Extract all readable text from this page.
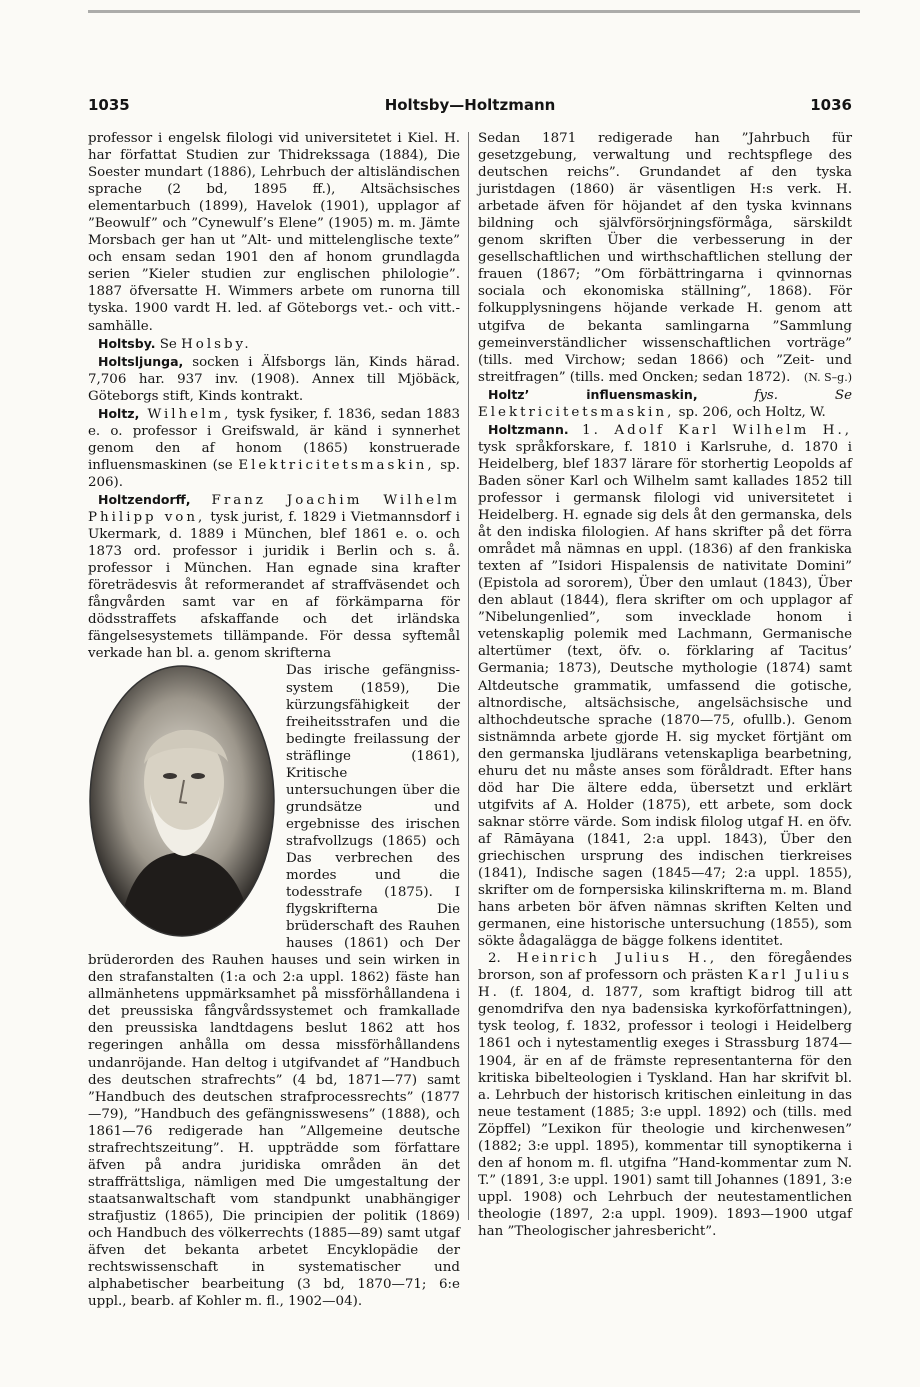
1035	Holtsby—Holtzmann	1036

professor i engelsk filologi vid universitetet i Kiel. H. har författat Studien zur Thidrekssaga (1884), Die Soester mundart (1886), Lehrbuch der altisländischen sprache (2 bd, 1895 ff.), Altsächsisches elementarbuch (1899), Havelok (1901), upplagor af ”Beowulf” och ”Cynewulf’s Elene” (1905) m. m. Jämte Morsbach ger han ut ”Alt- und mittelenglische texte” och ensam sedan 1901 den af honom grundlagda serien ”Kieler studien zur englischen philologie”. 1887 öfversatte H. Wimmers arbete om runorna till tyska. 1900 vardt H. led. af Göteborgs vet.- och vitt.-samhälle.

Holtsby. Se Holsby.

Holtsljunga, socken i Älfsborgs län, Kinds härad. 7,706 har. 937 inv. (1908). Annex till Mjöbäck, Göteborgs stift, Kinds kontrakt.

Holtz, Wilhelm, tysk fysiker, f. 1836, sedan 1883 e. o. professor i Greifswald, är känd i synnerhet genom den af honom (1865) konstruerade influensmaskinen (se Elektricitetsmaskin, sp. 206).

Holtzendorff, Franz Joachim Wilhelm Philipp von, tysk jurist, f. 1829 i Vietmannsdorf i Ukermark, d. 1889 i München, blef 1861 e. o. och 1873 ord. professor i juridik i Berlin och s. å. professor i München. Han egnade sina krafter företrädesvis åt reformerandet af straffväsendet och fångvården samt var en af förkämparna för dödsstraffets afskaffande och det irländska fängelsesystemets tillämpande. För dessa syftemål verkade han bl. a. genom skrifterna

Das irische gefängniss-system (1859), Die kürzungsfähigkeit der freiheitsstrafen und die bedingte freilassung der sträflinge (1861), Kritische untersuchungen über die grundsätze und ergebnisse des irischen strafvollzugs (1865) och Das verbrechen des mordes und die todesstrafe (1875). I flygskrifterna Die brüderschaft des Rauhen hauses (1861) och Der brüderorden des Rauhen hauses und sein wirken in den strafanstalten (1:a och 2:a uppl. 1862) fäste han allmänhetens uppmärksamhet på missförhållandena i det preussiska fångvårdssystemet och framkallade den preussiska landtdagens beslut 1862 att hos regeringen anhålla om dessa missförhållandens undanröjande. Han deltog i utgifvandet af ”Handbuch des deutschen strafrechts” (4 bd, 1871—77) samt ”Handbuch des deutschen strafprocessrechts” (1877—79), ”Handbuch des gefängnisswesens” (1888), och 1861—76 redigerade han ”Allgemeine deutsche strafrechtszeitung”. H. uppträdde som författare äfven på andra juridiska områden än det straffrättsliga, nämligen med Die umgestaltung der staatsanwaltschaft vom standpunkt unabhängiger strafjustiz (1865), Die principien der politik (1869) och Handbuch des völkerrechts (1885—89) samt utgaf äfven det bekanta arbetet Encyklopädie der rechtswissenschaft in systematischer und alphabetischer bearbeitung (3 bd, 1870—71; 6:e uppl., bearb. af Kohler m. fl., 1902—04).

Sedan 1871 redigerade han ”Jahrbuch für gesetzgebung, verwaltung und rechtspflege des deutschen reichs”. Grundandet af den tyska juristdagen (1860) är väsentligen H:s verk. H. arbetade äfven för höjandet af den tyska kvinnans bildning och självförsörjningsförmåga, särskildt genom skriften Über die verbesserung in der gesellschaftlichen und wirthschaftlichen stellung der frauen (1867; ”Om förbättringarna i qvinnornas sociala och ekonomiska ställning”, 1868). För folkupplysningens höjande verkade H. genom att utgifva de bekanta samlingarna ”Sammlung gemeinverständlicher wissenschaftlichen vorträge” (tills. med Virchow; sedan 1866) och ”Zeit- und streitfragen” (tills. med Oncken; sedan 1872). (N. S–g.)

Holtz’ influensmaskin, fys. Se Elektricitetsmaskin, sp. 206, och Holtz, W.

Holtzmann. 1. Adolf Karl Wilhelm H., tysk språkforskare, f. 1810 i Karlsruhe, d. 1870 i Heidelberg, blef 1837 lärare för storhertig Leopolds af Baden söner Karl och Wilhelm samt kallades 1852 till professor i germansk filologi vid universitetet i Heidelberg. H. egnade sig dels åt den germanska, dels åt den indiska filologien. Af hans skrifter på det förra området må nämnas en uppl. (1836) af den frankiska texten af ”Isidori Hispalensis de nativitate Domini” (Epistola ad sororem), Über den umlaut (1843), Über den ablaut (1844), flera skrifter om och upplagor af ”Nibelungenlied”, som invecklade honom i vetenskaplig polemik med Lachmann, Germanische altertümer (text, öfv. o. förklaring af Tacitus’ Germania; 1873), Deutsche mythologie (1874) samt Altdeutsche grammatik, umfassend die gotische, altnordische, altsächsische, angelsächsische und althochdeutsche sprache (1870—75, ofullb.). Genom sistnämnda arbete gjorde H. sig mycket förtjänt om den germanska ljudlärans vetenskapliga bearbetning, ehuru det nu måste anses som föråldradt. Efter hans död har Die ältere edda, übersetzt und erklärt utgifvits af A. Holder (1875), ett arbete, som dock saknar större värde. Som indisk filolog utgaf H. en öfv. af Rāmāyana (1841, 2:a uppl. 1843), Über den griechischen ursprung des indischen tierkreises (1841), Indische sagen (1845—47; 2:a uppl. 1855), skrifter om de fornpersiska kilinskrifterna m. m. Bland hans arbeten bör äfven nämnas skriften Kelten und germanen, eine historische untersuchung (1855), som sökte ådagalägga de bägge folkens identitet.

2. Heinrich Julius H., den föregåendes brorson, son af professorn och prästen Karl Julius H. (f. 1804, d. 1877, som kraftigt bidrog till att genomdrifva den nya badensiska kyrkoförfattningen), tysk teolog, f. 1832, professor i teologi i Heidelberg 1861 och i nytestamentlig exeges i Strassburg 1874—1904, är en af de främste representanterna för den kritiska bibelteologien i Tyskland. Han har skrifvit bl. a. Lehrbuch der historisch kritischen einleitung in das neue testament (1885; 3:e uppl. 1892) och (tills. med Zöpffel) ”Lexikon für theologie und kirchenwesen” (1882; 3:e uppl. 1895), kommentar till synoptikerna i den af honom m. fl. utgifna ”Hand-kommentar zum N. T.” (1891, 3:e uppl. 1901) samt till Johannes (1891, 3:e uppl. 1908) och Lehrbuch der neutestamentlichen theologie (1897, 2:a uppl. 1909). 1893—1900 utgaf han ”Theologischer jahresbericht”.
